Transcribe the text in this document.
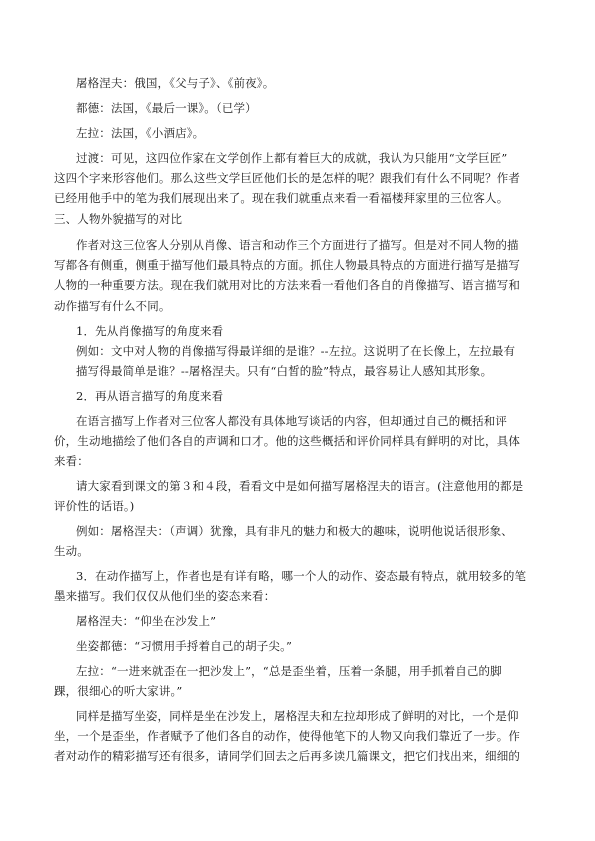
屠格涅夫：俄国，《父与子》、《前夜》。
都德：法国，《最后一课》。（已学）
左拉：法国，《小酒店》。
过渡：可见，这四位作家在文学创作上都有着巨大的成就，我认为只能用“文学巨匠”
这四个字来形容他们。那么这些文学巨匠他们长的是怎样的呢？跟我们有什么不同呢？作者
已经用他手中的笔为我们展现出来了。现在我们就重点来看一看福楼拜家里的三位客人。
三、人物外貌描写的对比
作者对这三位客人分别从肖像、语言和动作三个方面进行了描写。但是对不同人物的描
写都各有侧重，侧重于描写他们最具特点的方面。抓住人物最具特点的方面进行描写是描写
人物的一种重要方法。现在我们就用对比的方法来看一看他们各自的肖像描写、语言描写和
动作描写有什么不同。
1．先从肖像描写的角度来看
例如：文中对人物的肖像描写得最详细的是谁？--左拉。这说明了在长像上，左拉最有
描写得最简单是谁？--屠格涅夫。只有“白皙的脸”特点，最容易让人感知其形象。
2．再从语言描写的角度来看
在语言描写上作者对三位客人都没有具体地写谈话的内容，但却通过自己的概括和评
价，生动地描绘了他们各自的声调和口才。他的这些概括和评价同样具有鲜明的对比，具体
来看：
请大家看到课文的第３和４段，看看文中是如何描写屠格涅夫的语言。(注意他用的都是
评价性的话语。)
例如：屠格涅夫：（声调）犹豫，具有非凡的魅力和极大的趣味，说明他说话很形象、
生动。
3．在动作描写上，作者也是有详有略，哪一个人的动作、姿态最有特点，就用较多的笔
墨来描写。我们仅仅从他们坐的姿态来看：
屠格涅夫：“仰坐在沙发上”
坐姿都德：“习惯用手捋着自己的胡子尖。”
左拉：“一进来就歪在一把沙发上”，“总是歪坐着，压着一条腿，用手抓着自己的脚
踝，很细心的听大家讲。”
同样是描写坐姿，同样是坐在沙发上，屠格涅夫和左拉却形成了鲜明的对比，一个是仰
坐，一个是歪坐，作者赋予了他们各自的动作，使得他笔下的人物又向我们靠近了一步。作
者对动作的精彩描写还有很多，请同学们回去之后再多读几篇课文，把它们找出来，细细的
